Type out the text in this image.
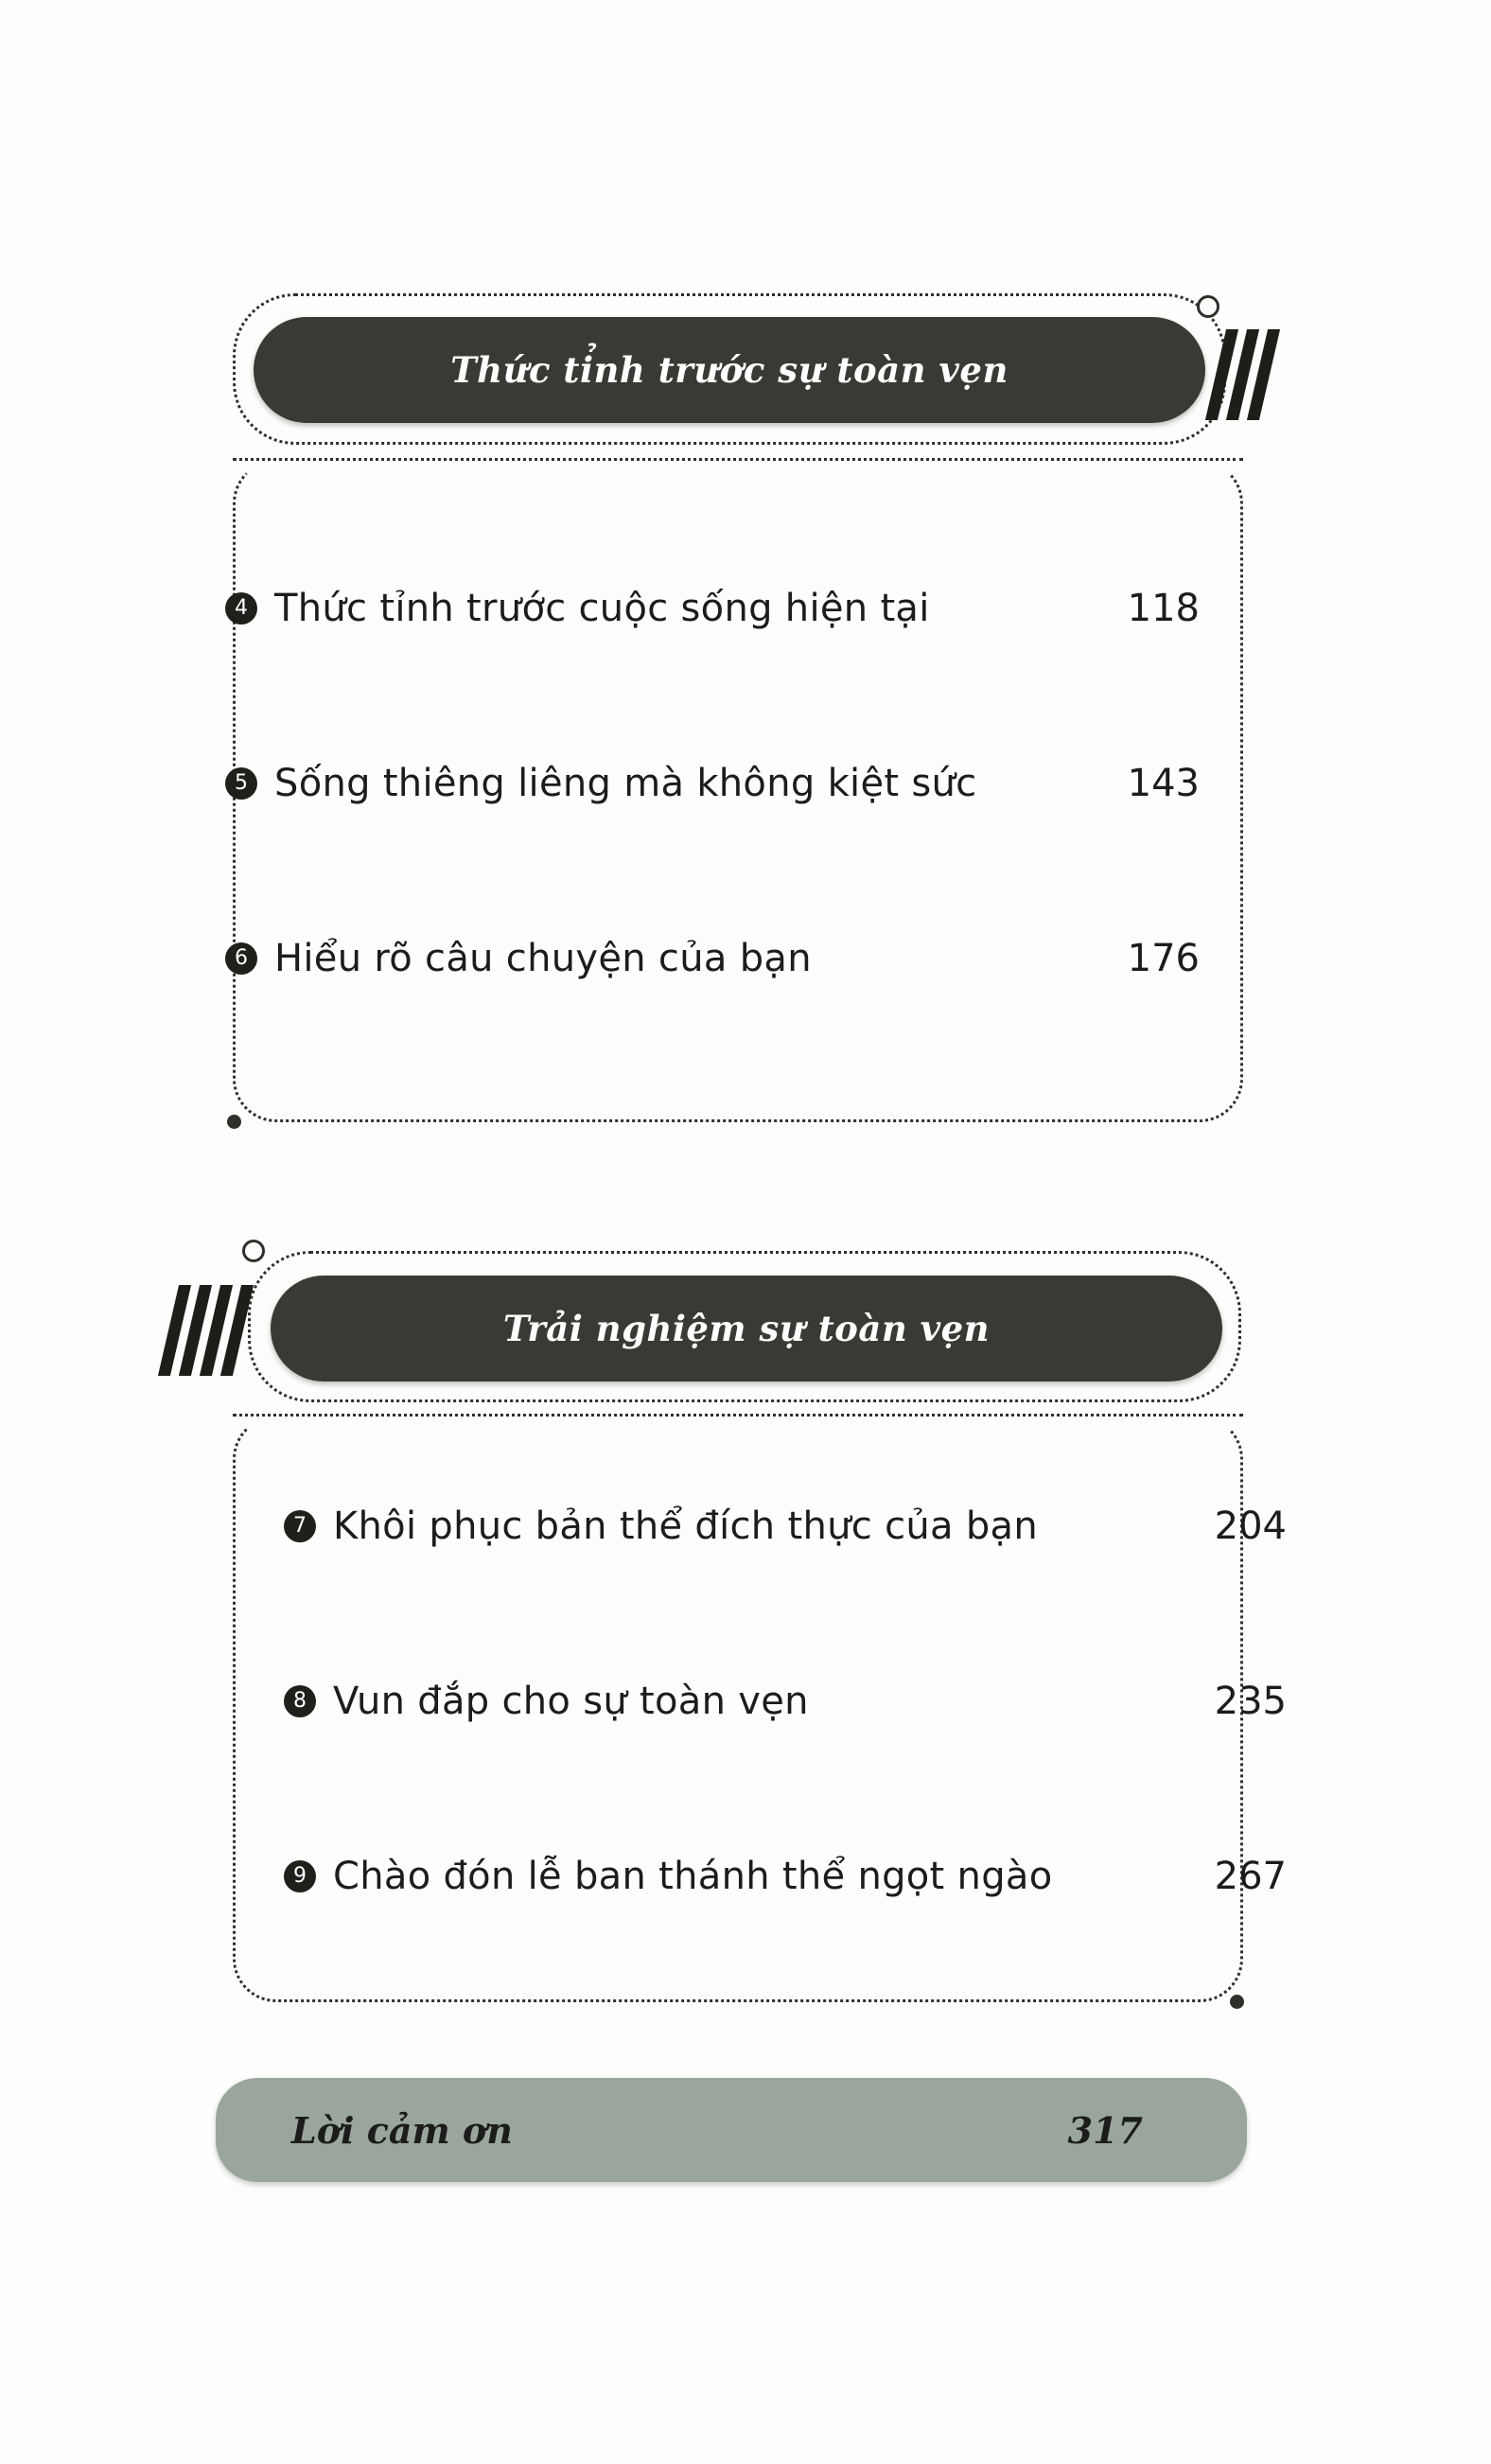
Thức tỉnh trước sự toàn vẹn
4 Thức tỉnh trước cuộc sống hiện tại	118
5 Sống thiêng liêng mà không kiệt sức	143
6 Hiểu rõ câu chuyện của bạn	176
Trải nghiệm sự toàn vẹn
7 Khôi phục bản thể đích thực của bạn	204
8 Vun đắp cho sự toàn vẹn	235
9 Chào đón lễ ban thánh thể ngọt ngào	267
Lời cảm ơn	317
